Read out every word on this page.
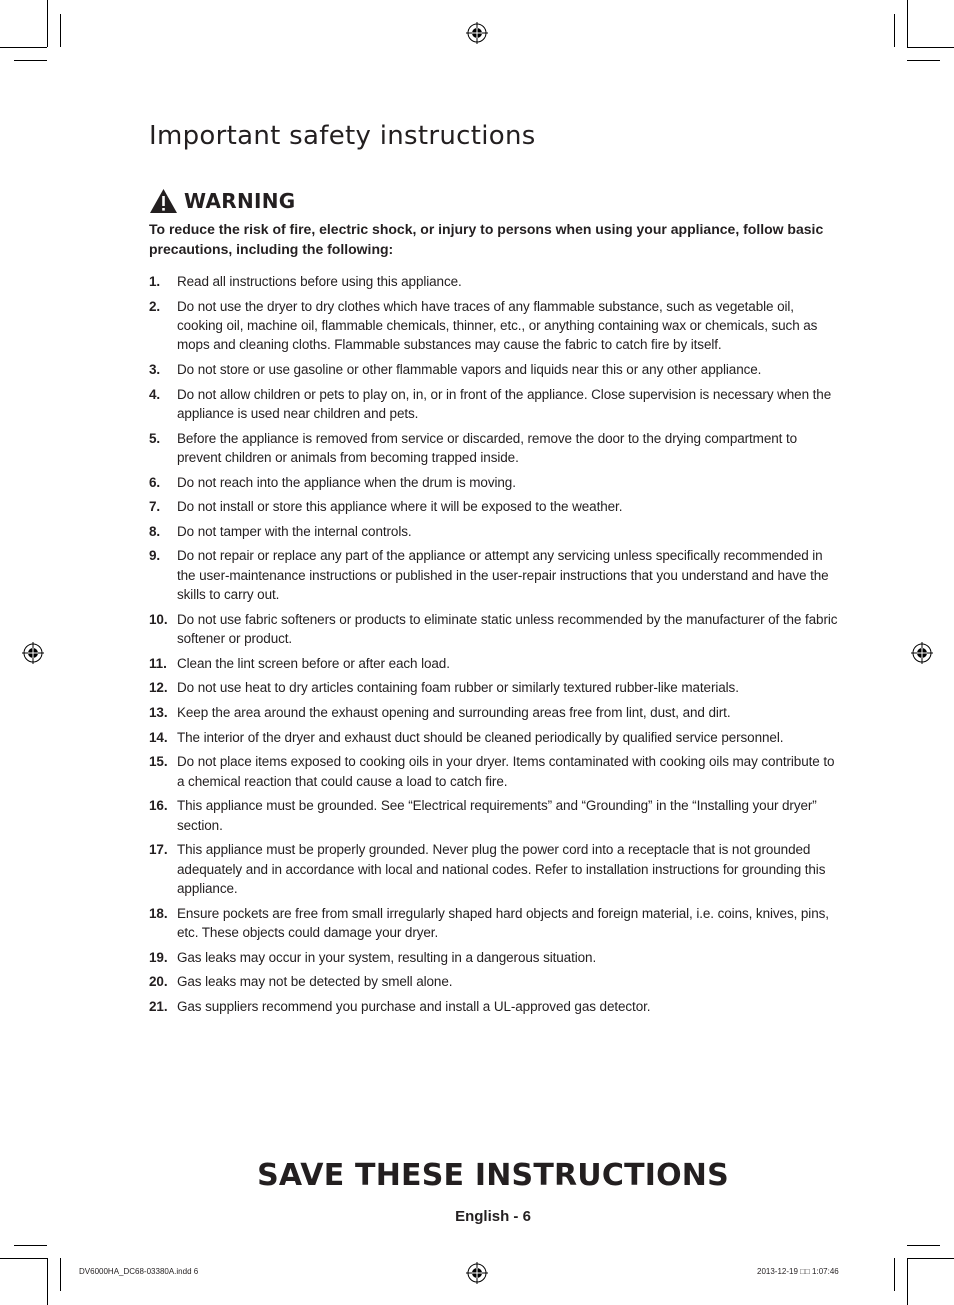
Important safety instructions
WARNING

To reduce the risk of fire, electric shock, or injury to persons when using your appliance, follow basic precautions, including the following:

1.	Read all instructions before using this appliance.
2.	Do not use the dryer to dry clothes which have traces of any flammable substance, such as vegetable oil, cooking oil, machine oil, flammable chemicals, thinner, etc., or anything containing wax or chemicals, such as mops and cleaning cloths. Flammable substances may cause the fabric to catch fire by itself.
3.	Do not store or use gasoline or other flammable vapors and liquids near this or any other appliance.
4.	Do not allow children or pets to play on, in, or in front of the appliance. Close supervision is necessary when the appliance is used near children and pets.
5.	Before the appliance is removed from service or discarded, remove the door to the drying compartment to prevent children or animals from becoming trapped inside.
6.	Do not reach into the appliance when the drum is moving.
7.	Do not install or store this appliance where it will be exposed to the weather.
8.	Do not tamper with the internal controls.
9.	Do not repair or replace any part of the appliance or attempt any servicing unless specifically recommended in the user-maintenance instructions or published in the user-repair instructions that you understand and have the skills to carry out.
10. Do not use fabric softeners or products to eliminate static unless recommended by the manufacturer of the fabric softener or product.
11. Clean the lint screen before or after each load.
12. Do not use heat to dry articles containing foam rubber or similarly textured rubber-like materials.
13. Keep the area around the exhaust opening and surrounding areas free from lint, dust, and dirt.
14. The interior of the dryer and exhaust duct should be cleaned periodically by qualified service personnel.
15. Do not place items exposed to cooking oils in your dryer. Items contaminated with cooking oils may contribute to a chemical reaction that could cause a load to catch fire.
16. This appliance must be grounded. See “Electrical requirements” and “Grounding” in the “Installing your dryer” section.
17. This appliance must be properly grounded. Never plug the power cord into a receptacle that is not grounded adequately and in accordance with local and national codes. Refer to installation instructions for grounding this appliance.
18. Ensure pockets are free from small irregularly shaped hard objects and foreign material, i.e. coins, knives, pins, etc. These objects could damage your dryer.
19. Gas leaks may occur in your system, resulting in a dangerous situation.
20. Gas leaks may not be detected by smell alone.
21. Gas suppliers recommend you purchase and install a UL-approved gas detector.
SAVE THESE INSTRUCTIONS
English - 6
DV6000HA_DC68-03380A.indd 6	2013-12-19 □□ 1:07:46
